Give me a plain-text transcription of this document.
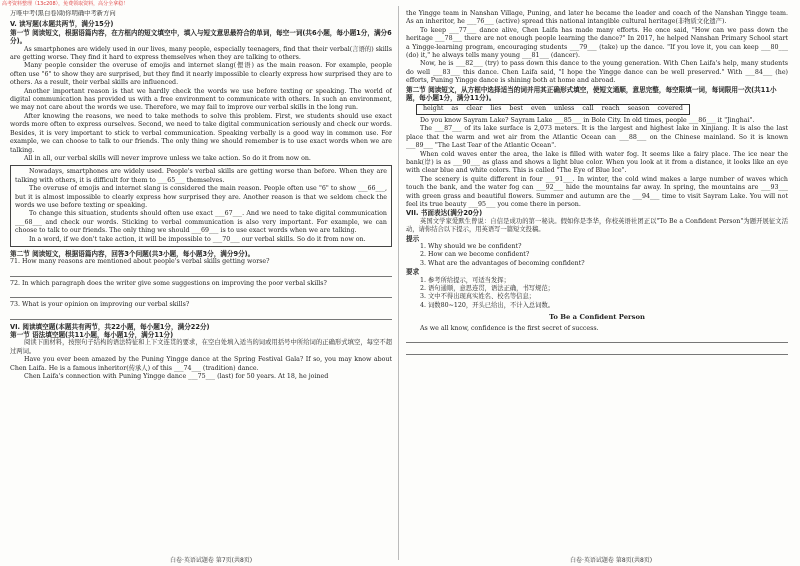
高考资料整理（13c208），免费领取资料，高分全拿稳！

万唯中考(黑白卷)助你明确中考新方向

V. 读写题(本题共两节，满分15分)

第一节 阅读短文，根据语篇内容，在方框内的短文填空中，填入与短文意思最符合的单词，每空一词(共6小题，每小题1分，满分6分)。

As smartphones are widely used in our lives, many people, especially teenagers, find that their verbal(言语的) skills are getting worse. They find it hard to express themselves when they are talking to others.

Many people consider the overuse of emojis and internet slang(俚语) as the main reason. For example, people often use "6" to show they are surprised, but they find it nearly impossible to clearly express how surprised they are to others. As a result, their verbal skills are influenced.

Another important reason is that we hardly check the words we use before texting or speaking. The world of digital communication has provided us with a free environment to communicate with others. In such an environment, we may not care about the words we use. Therefore, we may fail to improve our verbal skills in the long run.

After knowing the reasons, we need to take methods to solve this problem. First, we students should use exact words more often to express ourselves. Second, we need to take digital communication seriously and check our words. Besides, it is very important to stick to verbal communication. Speaking verbally is a good way in common use. For example, we can choose to talk to our friends. The only thing we should remember is to use exact words when we are talking.

All in all, our verbal skills will never improve unless we take action. So do it from now on.

Nowadays, smartphones are widely used. People's verbal skills are getting worse than before. When they are talking with others, it is difficult for them to ___65___ themselves.

The overuse of emojis and internet slang is considered the main reason. People often use "6" to show ___66___, but it is almost impossible to clearly express how surprised they are. Another reason is that we seldom check the words we use before texting or speaking.

To change this situation, students should often use exact ___67___. And we need to take digital communication ___68___ and check our words. Sticking to verbal communication is also very important. For example, we can choose to talk to our friends. The only thing we should ___69___ is to use exact words when we are talking.

In a word, if we don't take action, it will be impossible to ___70___ our verbal skills. So do it from now on.

第二节 阅读短文，根据语篇内容，回答3个问题(共3小题，每小题3分，满分9分)。

71. How many reasons are mentioned about people's verbal skills getting worse?

72. In which paragraph does the writer give some suggestions on improving the poor verbal skills?

73. What is your opinion on improving our verbal skills?

VI. 阅读填空题(本题共有两节，共22小题，每小题1分，满分22分)

第一节 语法填空题(共11小题，每小题1分，满分11分)

阅读下面材料，按照句子结构的语法特征和上下文连贯的要求，在空白处填入适当的词或用括号中所给词的正确形式填空，每空不超过两词。

Have you ever been amazed by the Puning Yingge dance at the Spring Festival Gala? If so, you may know about Chen Laifa. He is a famous inheritor(传承人) of this ___74___ (tradition) dance.

Chen Laifa's connection with Puning Yingge dance ___75___ (last) for 50 years. At 18, he joined

the Yingge team in Nanshan Village, Puning, and later he became the leader and coach of the Nanshan Yingge team. As an inheritor, he ___76___ (active) spread this national intangible cultural heritage(非物质文化遗产).

To keep ___77___ dance alive, Chen Laifa has made many efforts. He once said, "How can we pass down the heritage ___78___ there are not enough people learning the dance?" In 2017, he helped Nanshan Primary School start a Yingge-learning program, encouraging students ___79___ (take) up the dance. "If you love it, you can keep ___80___ (do) it," he always tells many young ___81___ (dancer).

Now, he is ___82___ (try) to pass down this dance to the young generation. With Chen Laifa's help, many students do well ___83___ this dance. Chen Laifa said, "I hope the Yingge dance can be well preserved." With ___84___ (he) efforts, Puning Yingge dance is shining both at home and abroad.

第二节 阅读短文，从方框中选择适当的词并用其正确形式填空，使短文通顺，意思完整，每空限填一词，每词限用一次(共11小题，每小题1分，满分11分)。

height as clear lies best even unless call reach season covered

Do you know Sayram Lake? Sayram Lake ___85___ in Bole City. In old times, people ___86___ it "Jinghai".

The ___87___ of its lake surface is 2,073 meters. It is the largest and highest lake in Xinjiang. It is also the last place that the warm and wet air from the Atlantic Ocean can ___88___ on the Chinese mainland. So it is known ___89___ "The Last Tear of the Atlantic Ocean".

When cold waves enter the area, the lake is filled with water fog. It seems like a fairy place. The ice near the bank(岸) is as ___90___ as glass and shows a light blue color. When you look at it from a distance, it looks like an eye with clear blue and white colors. This is called "The Eye of Blue Ice".

The scenery is quite different in four ___91___. In winter, the cold wind makes a large number of waves which touch the bank, and the water fog can ___92___ hide the mountains far away. In spring, the mountains are ___93___ with green grass and beautiful flowers. Summer and autumn are the ___94___ time to visit Sayram Lake. You will not feel its true beauty ___95___ you come there in person.

VII. 书面表达(满分20分)

英国文学家爱默生曾说：自信是成功的第一秘诀。假如你是李华，你校英语社团正以"To Be a Confident Person"为题开展征文活动，请你结合以下提示，用英语写一篇短文投稿。

提示

1. Why should we be confident?

2. How can we become confident?

3. What are the advantages of becoming confident?

要求

1. 参考所给提示，可适当发挥；

2. 语句通顺，意思连贯，语法正确，书写规范；

3. 文中不得出现真实姓名、校名等信息；

4. 词数80~120，开头已给出，不计入总词数。

To Be a Confident Person

As we all know, confidence is the first secret of success.

白卷·英语试题卷 第7页(共8页)	白卷·英语试题卷 第8页(共8页)
